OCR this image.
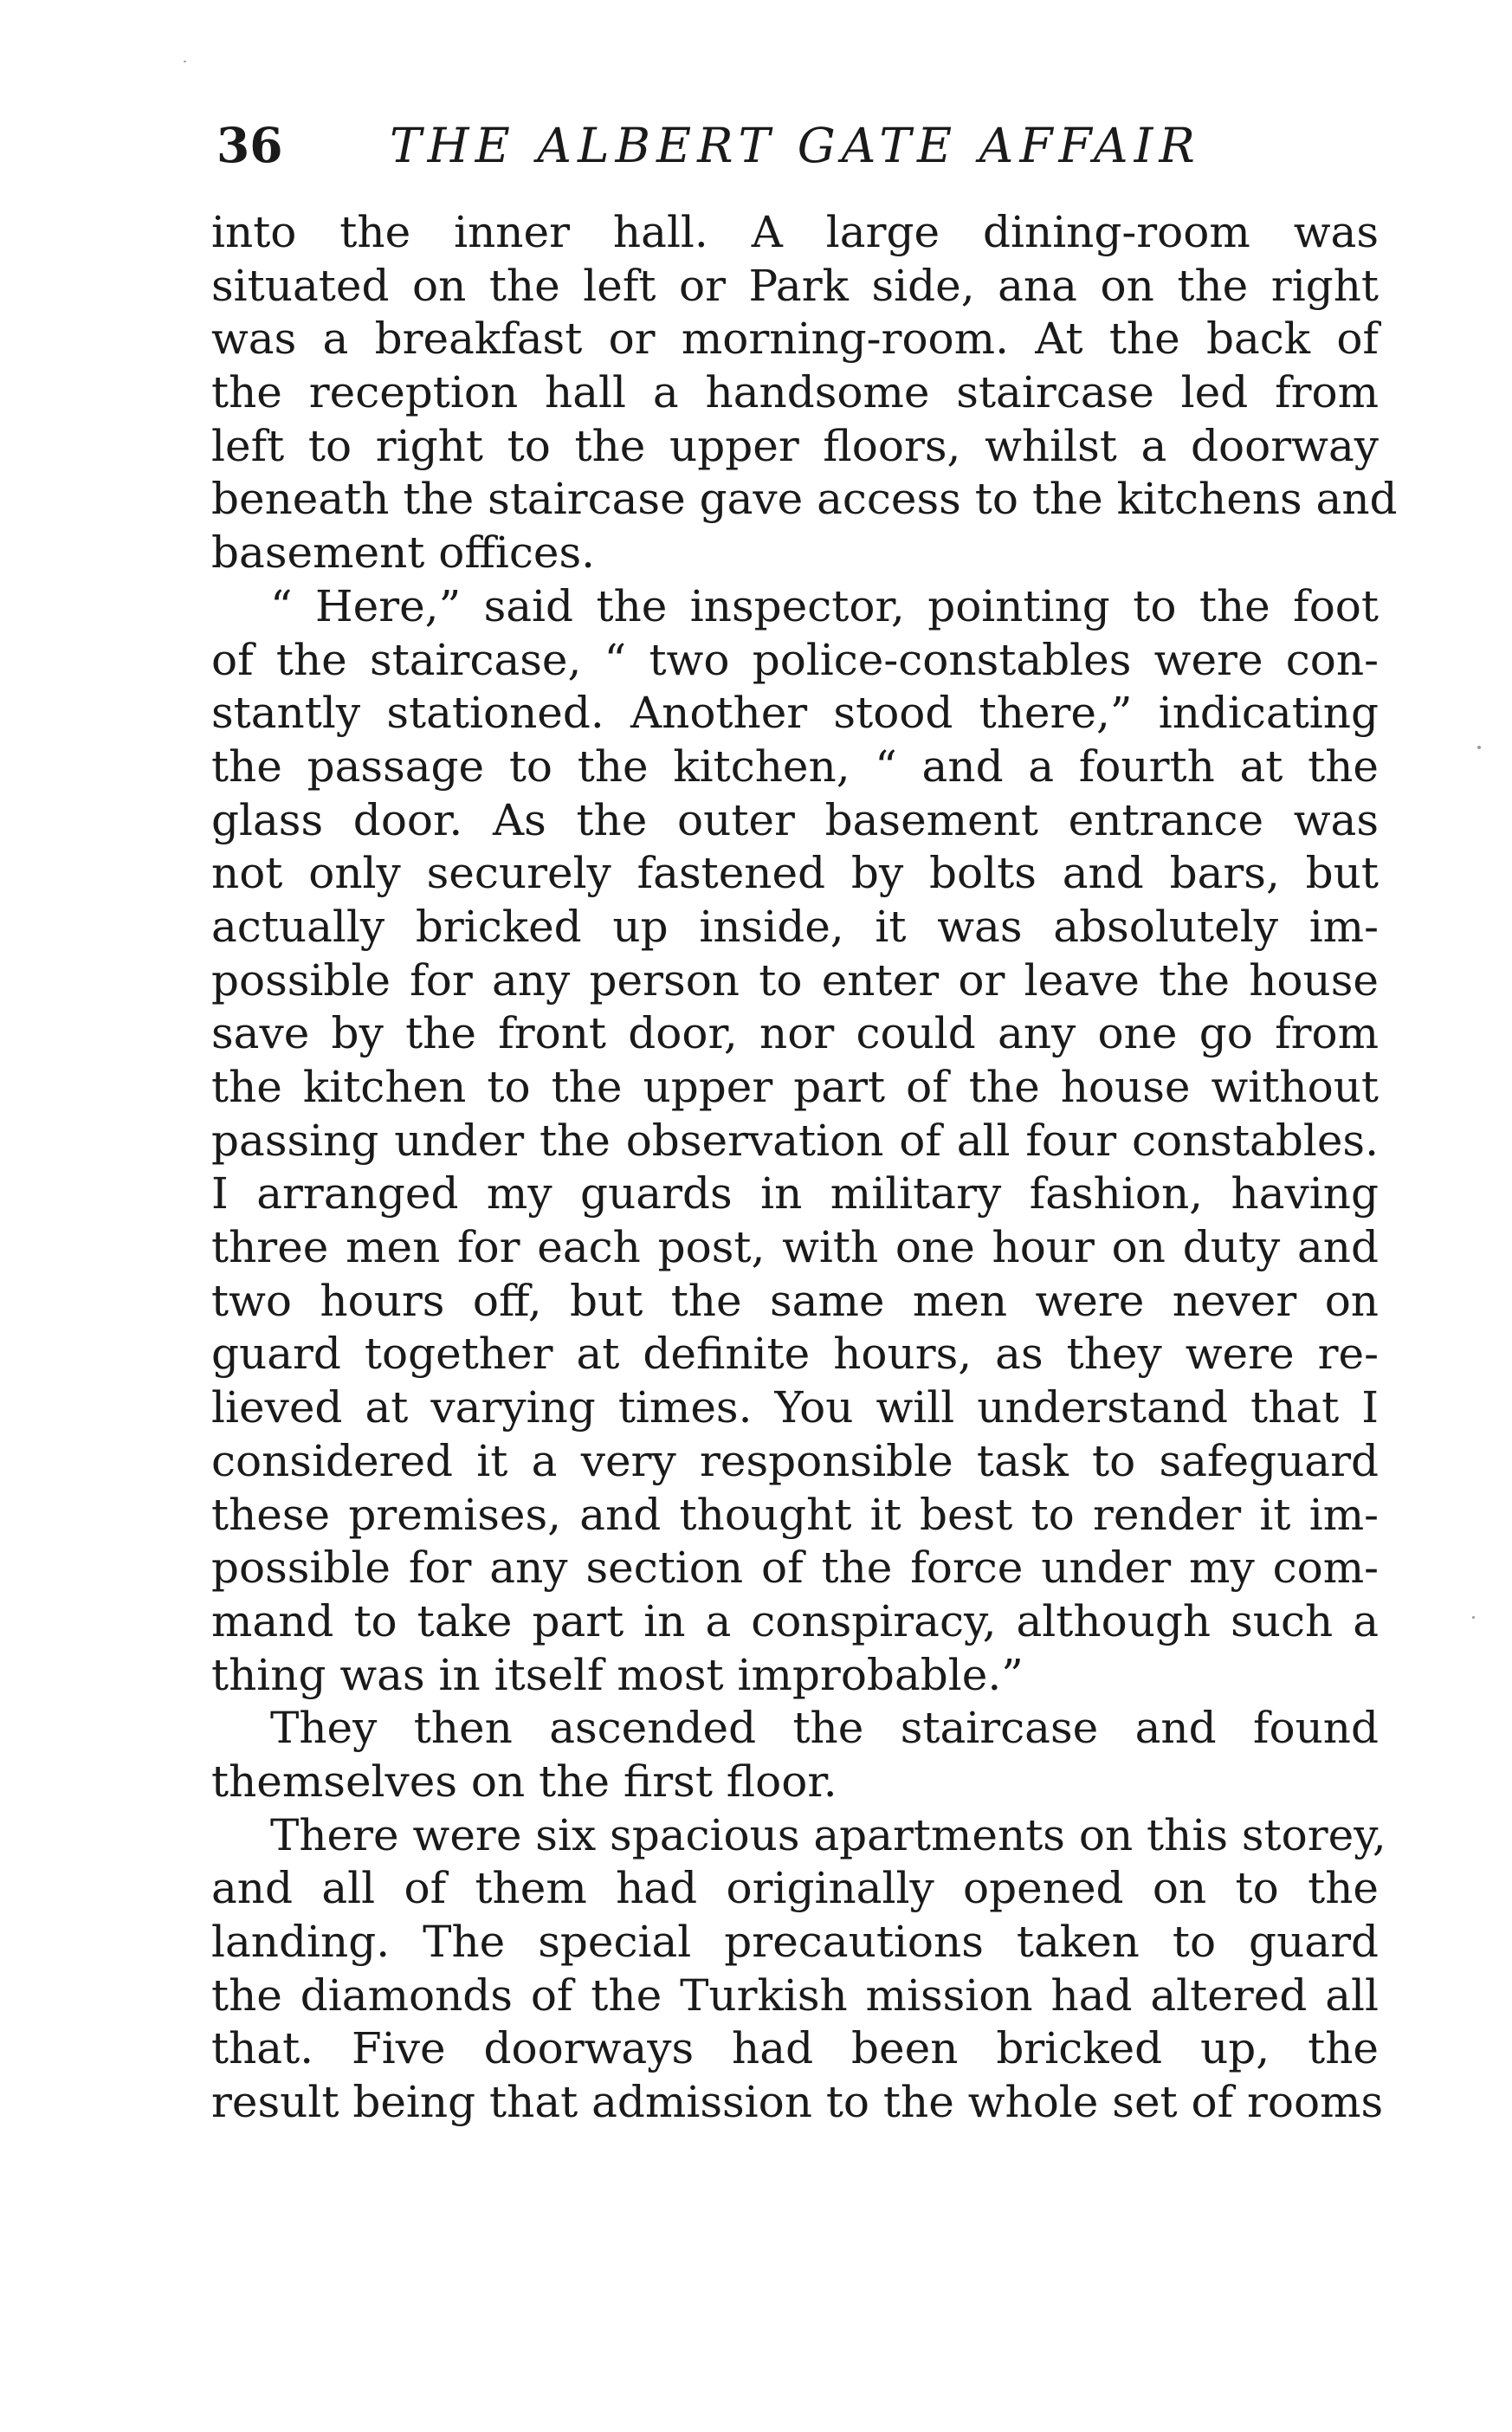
36 THE ALBERT GATE AFFAIR
into the inner hall. A large dining-room was
situated on the left or Park side, ana on the right
was a breakfast or morning-room. At the back of
the reception hall a handsome staircase led from
left to right to the upper floors, whilst a doorway
beneath the staircase gave access to the kitchens and
basement offices.
“ Here,” said the inspector, pointing to the foot
of the staircase, “ two police-constables were con-
stantly stationed. Another stood there,” indicating
the passage to the kitchen, “ and a fourth at the
glass door. As the outer basement entrance was
not only securely fastened by bolts and bars, but
actually bricked up inside, it was absolutely im-
possible for any person to enter or leave the house
save by the front door, nor could any one go from
the kitchen to the upper part of the house without
passing under the observation of all four constables.
I arranged my guards in military fashion, having
three men for each post, with one hour on duty and
two hours off, but the same men were never on
guard together at definite hours, as they were re-
lieved at varying times. You will understand that I
considered it a very responsible task to safeguard
these premises, and thought it best to render it im-
possible for any section of the force under my com-
mand to take part in a conspiracy, although such a
thing was in itself most improbable.”
They then ascended the staircase and found
themselves on the first floor.
There were six spacious apartments on this storey,
and all of them had originally opened on to the
landing. The special precautions taken to guard
the diamonds of the Turkish mission had altered all
that. Five doorways had been bricked up, the
result being that admission to the whole set of rooms
